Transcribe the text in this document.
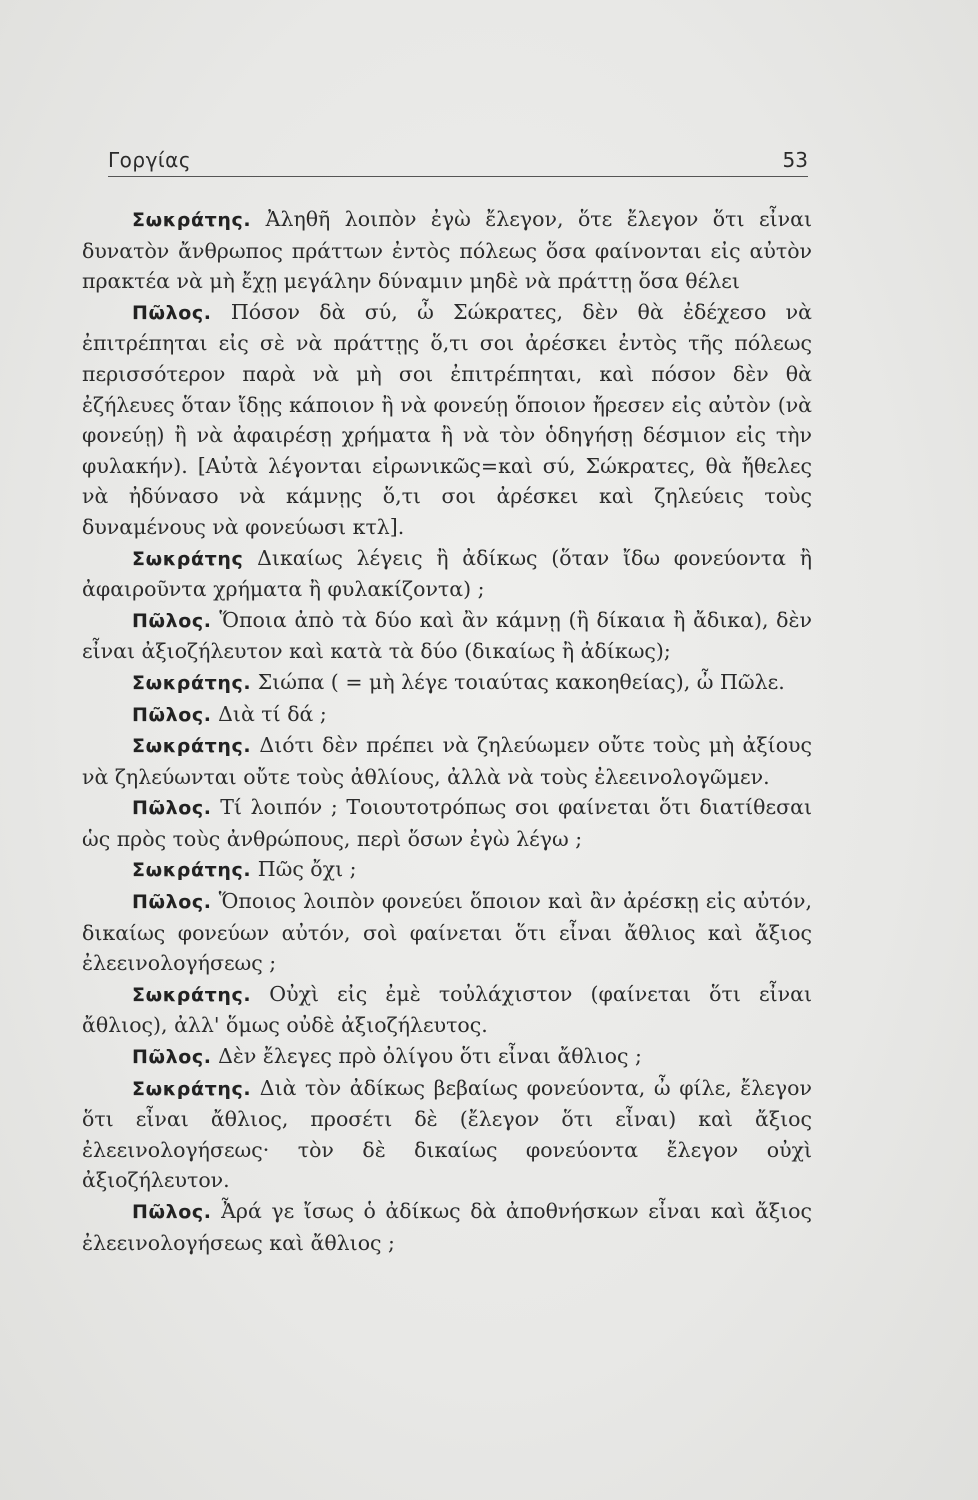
Γοργίας	53

Σωκράτης. Ἀληθῆ λοιπὸν ἐγὼ ἔλεγον, ὅτε ἔλεγον ὅτι εἶναι δυνατὸν ἄνθρωπος πράττων ἐντὸς πόλεως ὅσα φαίνονται εἰς αὐτὸν πρακτέα νὰ μὴ ἔχῃ μεγάλην δύναμιν μηδὲ νὰ πράττῃ ὅσα θέλει

Πῶλος. Πόσον δὰ σύ, ὦ Σώκρατες, δὲν θὰ ἐδέχεσο νὰ ἐπιτρέπηται εἰς σὲ νὰ πράττῃς ὅ,τι σοι ἀρέσκει ἐντὸς τῆς πόλεως περισσότερον παρὰ νὰ μὴ σοι ἐπιτρέπηται, καὶ πόσον δὲν θὰ ἐζήλευες ὅταν ἴδῃς κάποιον ἢ νὰ φονεύῃ ὅποιον ἤρεσεν εἰς αὐτὸν (νὰ φονεύῃ) ἢ νὰ ἀφαιρέσῃ χρήματα ἢ νὰ τὸν ὁδηγήσῃ δέσμιον εἰς τὴν φυλακήν). [Αὐτὰ λέγονται εἰρωνικῶς=καὶ σύ, Σώκρατες, θὰ ἤθελες νὰ ἠδύνασο νὰ κάμνῃς ὅ,τι σοι ἀρέσκει καὶ ζηλεύεις τοὺς δυναμένους νὰ φονεύωσι κτλ].

Σωκράτης Δικαίως λέγεις ἢ ἀδίκως (ὅταν ἴδω φονεύοντα ἢ ἀφαιροῦντα χρήματα ἢ φυλακίζοντα) ;

Πῶλος. Ὅποια ἀπὸ τὰ δύο καὶ ἂν κάμνῃ (ἢ δίκαια ἢ ἄδικα), δὲν εἶναι ἀξιοζήλευτον καὶ κατὰ τὰ δύο (δικαίως ἢ ἀδίκως);

Σωκράτης. Σιώπα ( = μὴ λέγε τοιαύτας κακοηθείας), ὦ Πῶλε.

Πῶλος. Διὰ τί δά ;

Σωκράτης. Διότι δὲν πρέπει νὰ ζηλεύωμεν οὔτε τοὺς μὴ ἀξίους νὰ ζηλεύωνται οὔτε τοὺς ἀθλίους, ἀλλὰ νὰ τοὺς ἐλεεινολογῶμεν.

Πῶλος. Τί λοιπόν ; Τοιουτοτρόπως σοι φαίνεται ὅτι διατίθεσαι ὡς πρὸς τοὺς ἀνθρώπους, περὶ ὅσων ἐγὼ λέγω ;

Σωκράτης. Πῶς ὄχι ;

Πῶλος. Ὅποιος λοιπὸν φονεύει ὅποιον καὶ ἂν ἀρέσκῃ εἰς αὐτόν, δικαίως φονεύων αὐτόν, σοὶ φαίνεται ὅτι εἶναι ἄθλιος καὶ ἄξιος ἐλεεινολογήσεως ;

Σωκράτης. Οὐχὶ εἰς ἐμὲ τοὐλάχιστον (φαίνεται ὅτι εἶναι ἄθλιος), ἀλλ' ὅμως οὐδὲ ἀξιοζήλευτος.

Πῶλος. Δὲν ἔλεγες πρὸ ὀλίγου ὅτι εἶναι ἄθλιος ;

Σωκράτης. Διὰ τὸν ἀδίκως βεβαίως φονεύοντα, ὦ φίλε, ἔλεγον ὅτι εἶναι ἄθλιος, προσέτι δὲ (ἔλεγον ὅτι εἶναι) καὶ ἄξιος ἐλεεινολογήσεως· τὸν δὲ δικαίως φονεύοντα ἔλεγον οὐχὶ ἀξιοζήλευτον.

Πῶλος. Ἆρά γε ἴσως ὁ ἀδίκως δὰ ἀποθνήσκων εἶναι καὶ ἄξιος ἐλεεινολογήσεως καὶ ἄθλιος ;
